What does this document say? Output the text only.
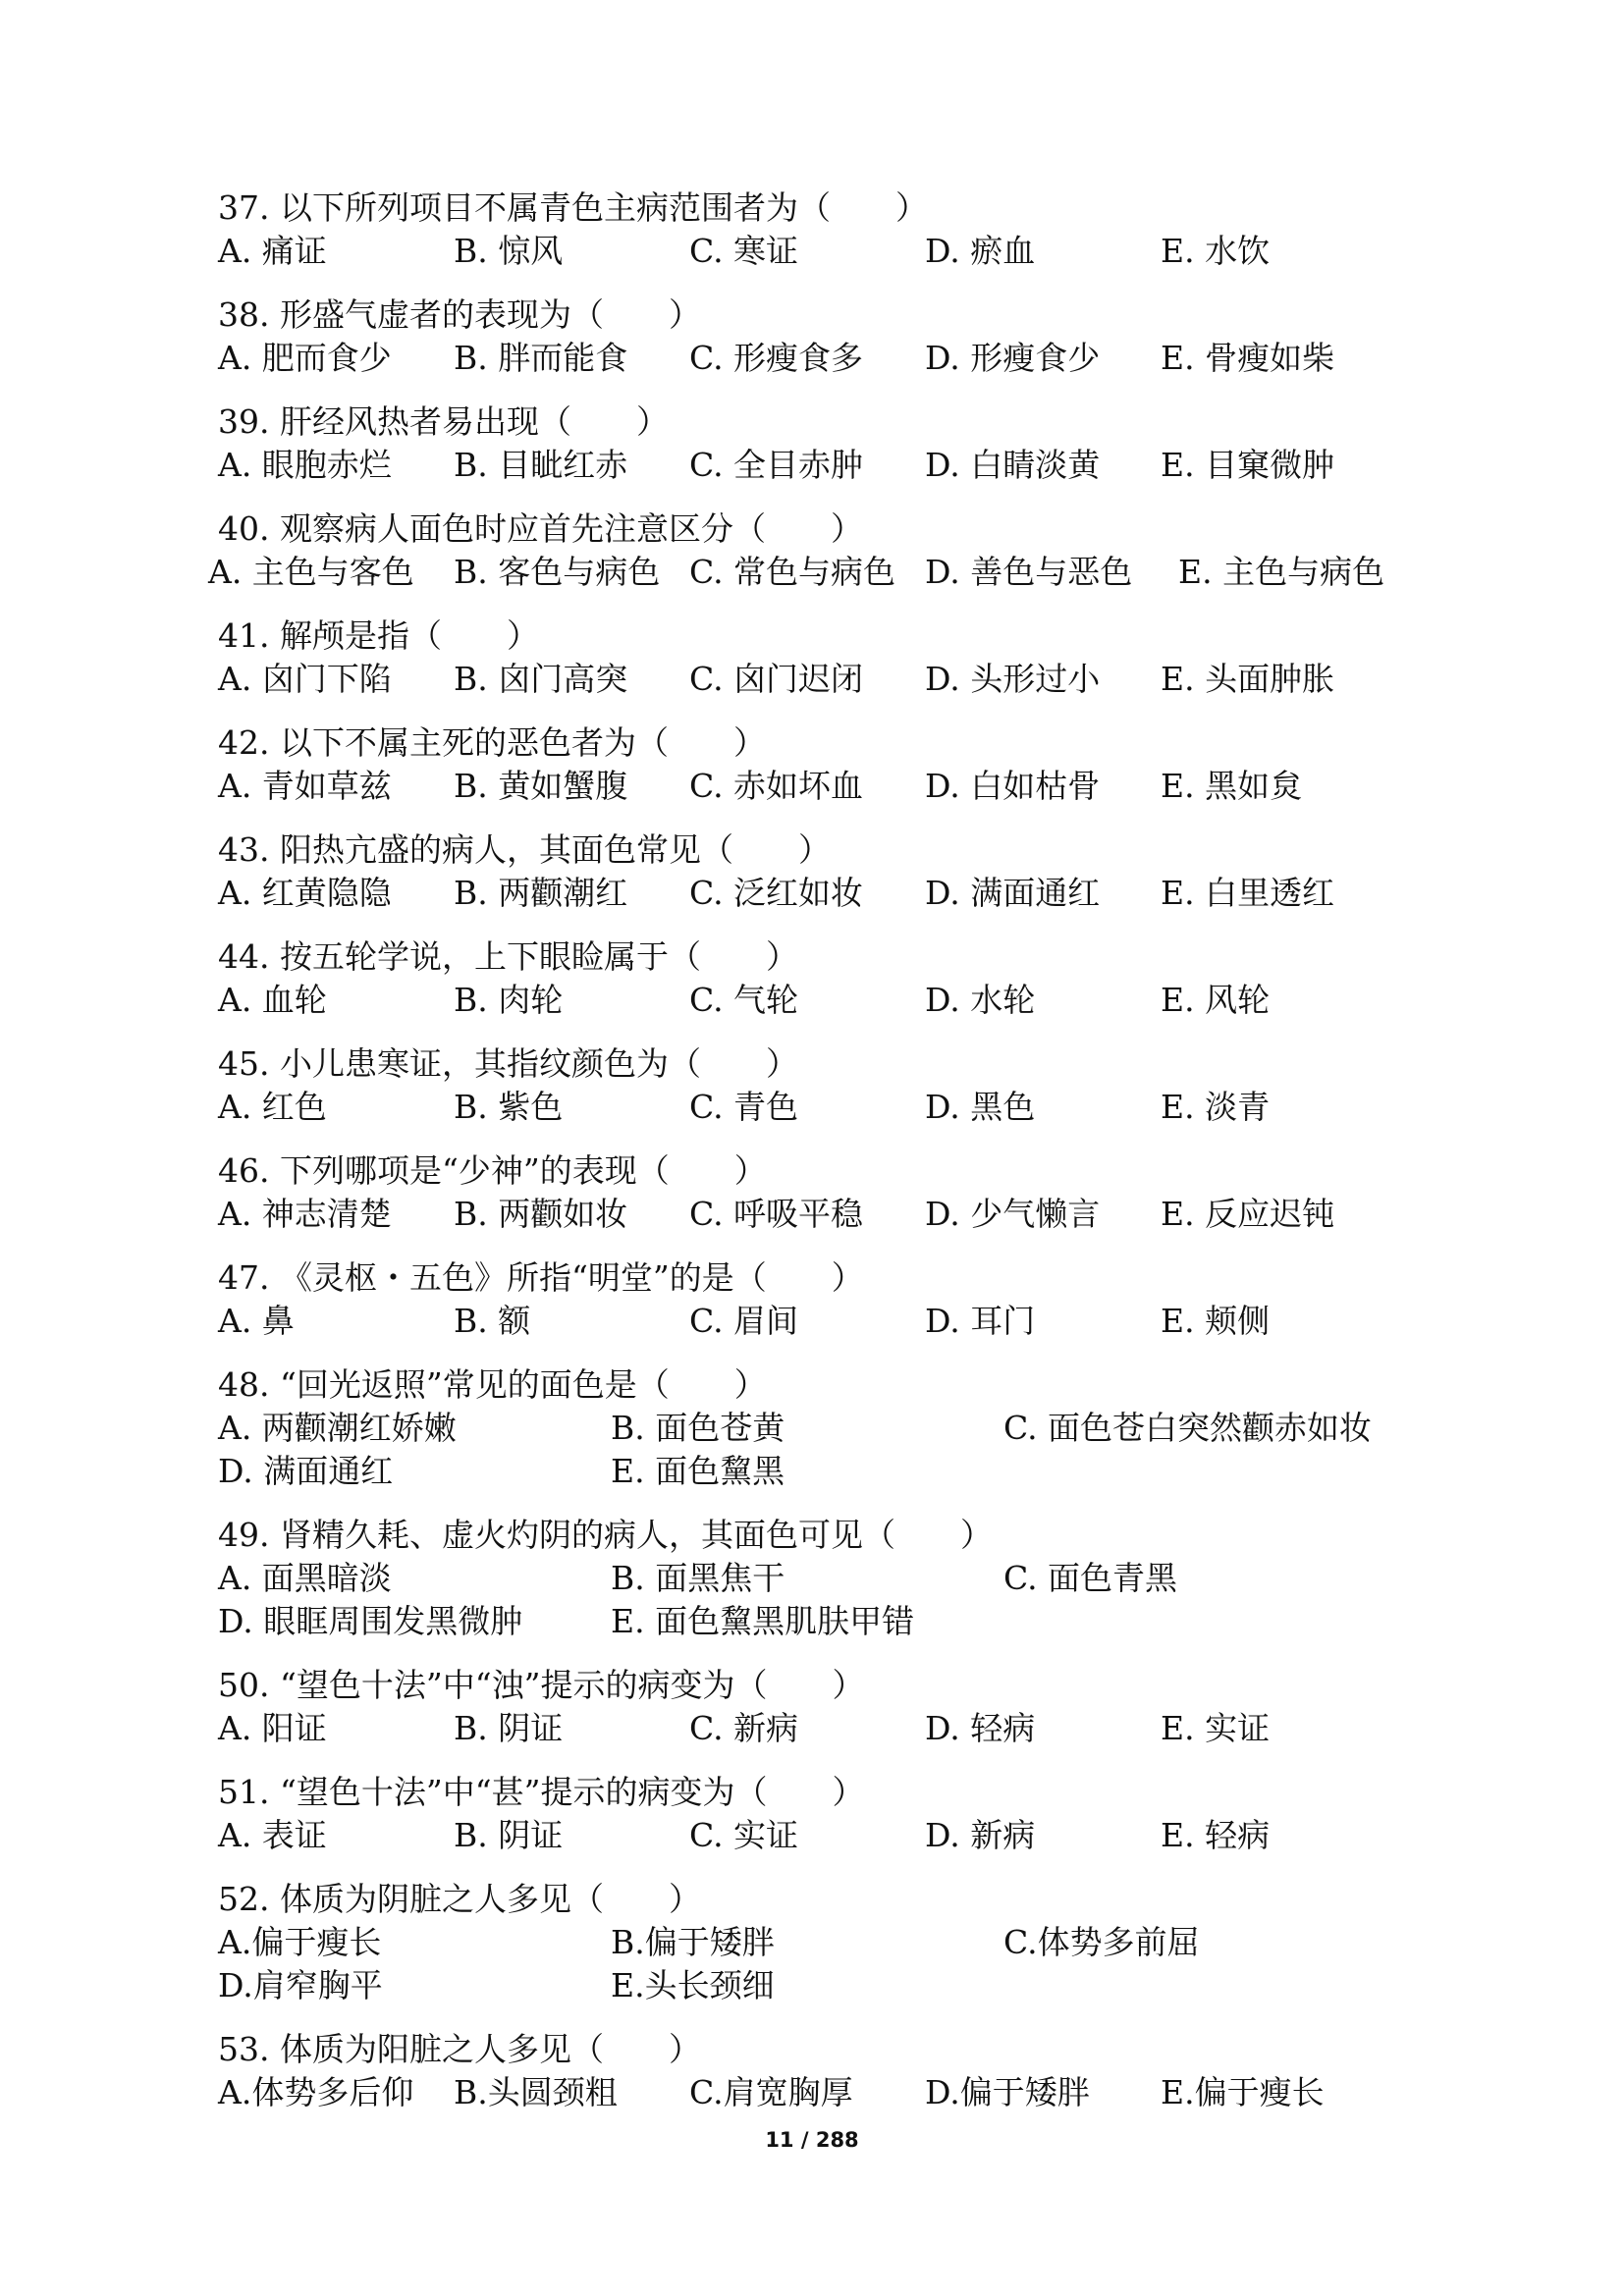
37. 以下所列项目不属青色主病范围者为（　　）
A. 痛证	B. 惊风	C. 寒证	D. 瘀血	E. 水饮
38. 形盛气虚者的表现为（　　）
A. 肥而食少 B. 胖而能食 C. 形瘦食多 D. 形瘦食少 E. 骨瘦如柴
39. 肝经风热者易出现（　　）
A. 眼胞赤烂 B. 目眦红赤 C. 全目赤肿 D. 白睛淡黄 E. 目窠微肿
40. 观察病人面色时应首先注意区分（　　）
A. 主色与客色 B. 客色与病色 C. 常色与病色 D. 善色与恶色 E. 主色与病色
41. 解颅是指（　　）
A. 囟门下陷 B. 囟门高突 C. 囟门迟闭 D. 头形过小 E. 头面肿胀
42. 以下不属主死的恶色者为（　　）
A. 青如草兹 B. 黄如蟹腹 C. 赤如坏血 D. 白如枯骨 E. 黑如炱
43. 阳热亢盛的病人，其面色常见（　　）
A. 红黄隐隐 B. 两颧潮红 C. 泛红如妆 D. 满面通红 E. 白里透红
44. 按五轮学说，上下眼睑属于（　　）
A. 血轮	B. 肉轮	C. 气轮	D. 水轮	E. 风轮
45. 小儿患寒证，其指纹颜色为（　　）
A. 红色	B. 紫色	C. 青色	D. 黑色	E. 淡青
46. 下列哪项是“少神”的表现（　　）
A. 神志清楚 B. 两颧如妆 C. 呼吸平稳 D. 少气懒言 E. 反应迟钝
47. 《灵枢・五色》所指“明堂”的是（　　）
A. 鼻	B. 额	C. 眉间	D. 耳门	E. 颊侧
48. “回光返照”常见的面色是（　　）
A. 两颧潮红娇嫩	B. 面色苍黄	C. 面色苍白突然颧赤如妆
D. 满面通红	E. 面色黧黑
49. 肾精久耗、虚火灼阴的病人，其面色可见（　　）
A. 面黑暗淡	B. 面黑焦干	C. 面色青黑
D. 眼眶周围发黑微肿	E. 面色黧黑肌肤甲错
50. “望色十法”中“浊”提示的病变为（　　）
A. 阳证	B. 阴证	C. 新病	D. 轻病	E. 实证
51. “望色十法”中“甚”提示的病变为（　　）
A. 表证	B. 阴证	C. 实证	D. 新病	E. 轻病
52. 体质为阴脏之人多见（　　）
A.偏于瘦长	B.偏于矮胖	C.体势多前屈
D.肩窄胸平	E.头长颈细
53. 体质为阳脏之人多见（　　）
A.体势多后仰 B.头圆颈粗 C.肩宽胸厚 D.偏于矮胖 E.偏于瘦长
11 / 288
